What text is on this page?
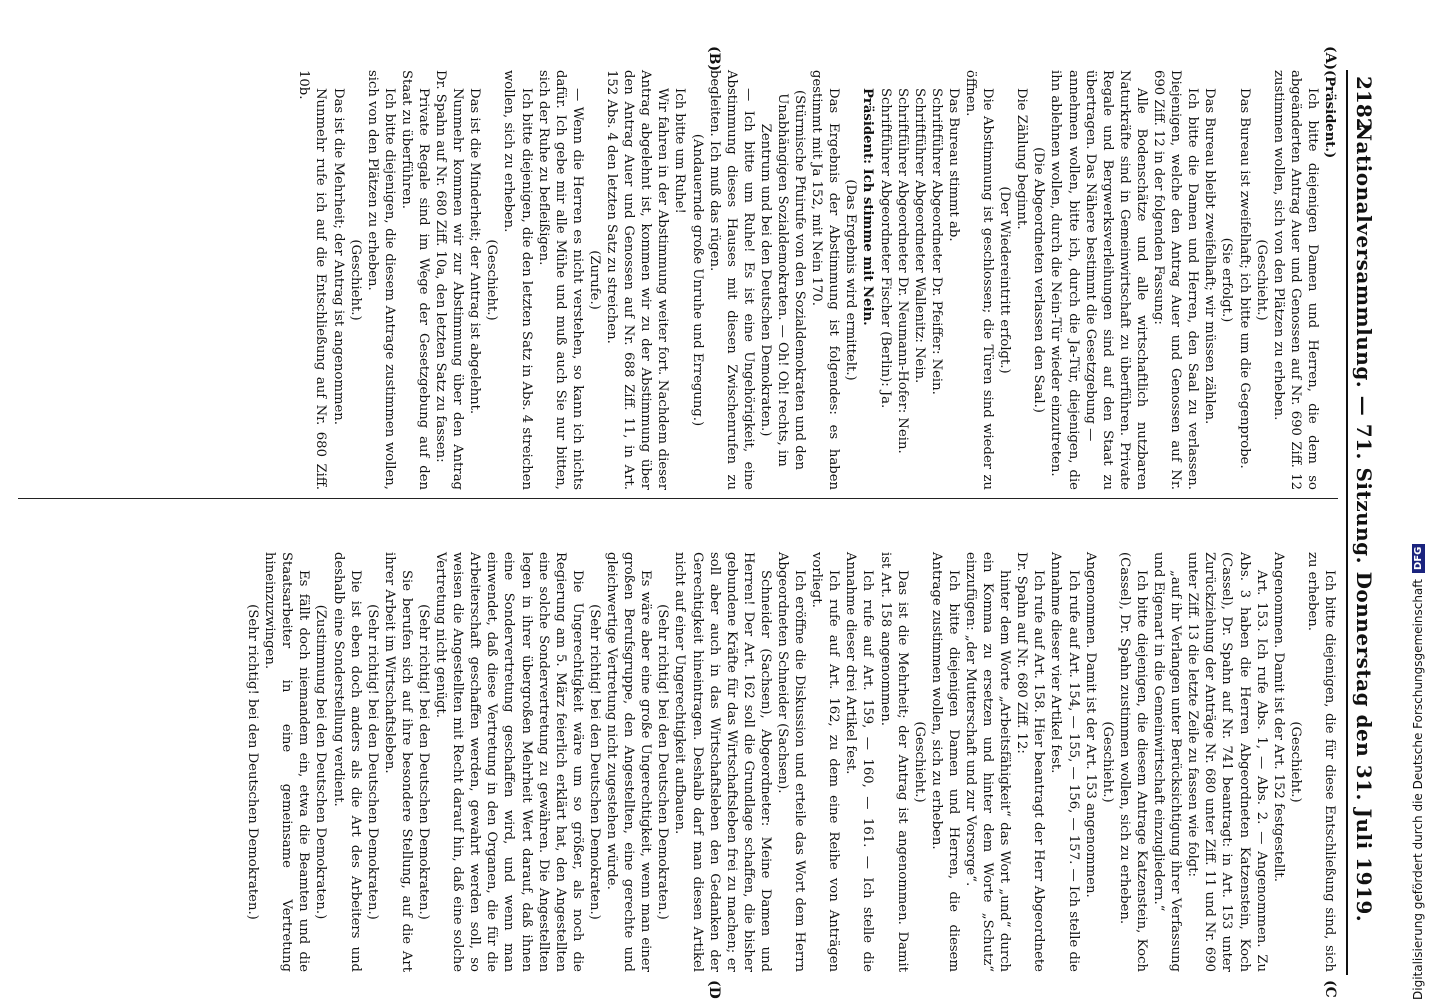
2182
Nationalversammlung. — 71. Sitzung. Donnerstag den 31. Juli 1919.
(A)
(B)
(C
(D

(Präsident.)

Ich bitte diejenigen Damen und Herren, die dem so abgeänderten Antrag Auer und Genossen auf Nr. 690 Ziff. 12 zustimmen wollen, sich von den Plätzen zu erheben.

(Geschieht.)

Das Bureau ist zweifelhaft; ich bitte um die Gegenprobe.

(Sie erfolgt.)

Das Bureau bleibt zweifelhaft; wir müssen zählen.

Ich bitte die Damen und Herren, den Saal zu verlassen. Diejenigen, welche den Antrag Auer und Genossen auf Nr. 690 Ziff. 12 in der folgenden Fassung:

Alle Bodenschätze und alle wirtschaftlich nutzbaren Naturkräfte sind in Gemeinwirtschaft zu überführen. Private Regale und Bergwerksverleihungen sind auf den Staat zu übertragen. Das Nähere bestimmt die Gesetzgebung —

annehmen wollen, bitte ich, durch die Ja-Tür, diejenigen, die ihn ablehnen wollen, durch die Nein-Tür wieder einzutreten.

(Die Abgeordneten verlassen den Saal.)

Die Zählung beginnt.

(Der Wiedereintritt erfolgt.)

Die Abstimmung ist geschlossen; die Türen sind wieder zu öffnen.

Das Bureau stimmt ab.

Schriftführer Abgeordneter Dr. Pfeiffer: Nein.

Schriftführer Abgeordneter Wallenitz: Nein.

Schriftführer Abgeordneter Dr. Neumann-Hofer: Nein.

Schriftführer Abgeordneter Fischer (Berlin): Ja.

Präsident: Ich stimme mit Nein.

(Das Ergebnis wird ermittelt.)

Das Ergebnis der Abstimmung ist folgendes: es haben gestimmt mit Ja 152, mit Nein 170.

(Stürmische Pfuirufe von den Sozialdemokraten und den Unabhängigen Sozialdemokraten. — Oh! Oh! rechts, im Zentrum und bei den Deutschen Demokraten.)

— Ich bitte um Ruhe! Es ist eine Ungehörigkeit, eine Abstimmung dieses Hauses mit diesen Zwischenrufen zu begleiten. Ich muß das rügen.

(Andauernde große Unruhe und Erregung.)

Ich bitte um Ruhe!

Wir fahren in der Abstimmung weiter fort. Nachdem dieser Antrag abgelehnt ist, kommen wir zu der Abstimmung über den Antrag Auer und Genossen auf Nr. 688 Ziff. 11, in Art. 152 Abs. 4 den letzten Satz zu streichen.

(Zurufe.)

— Wenn die Herren es nicht verstehen, so kann ich nichts dafür. Ich gebe mir alle Mühe und muß auch Sie nur bitten, sich der Ruhe zu befleißigen.

Ich bitte diejenigen, die den letzten Satz in Abs. 4 streichen wollen, sich zu erheben.

(Geschieht.)

Das ist die Minderheit; der Antrag ist abgelehnt.

Nunmehr kommen wir zur Abstimmung über den Antrag Dr. Spahn auf Nr. 680 Ziff. 10a, den letzten Satz zu fassen:

Private Regale sind im Wege der Gesetzgebung auf den Staat zu überführen.

Ich bitte diejenigen, die diesem Antrage zustimmen wollen, sich von den Plätzen zu erheben.

(Geschieht.)

Das ist die Mehrheit; der Antrag ist angenommen.

Nunmehr rufe ich auf die Entschließung auf Nr. 680 Ziff. 10b.

Ich bitte diejenigen, die für diese Entschließung sind, sich zu erheben.

(Geschieht.)

Angenommen. Damit ist der Art. 152 festgestellt.

Art. 153. Ich rufe Abs. 1, — Abs. 2. — Angenommen. Zu Abs. 3 haben die Herren Abgeordneten Katzenstein, Koch (Cassel), Dr. Spahn auf Nr. 741 beantragt: in Art. 153 unter Zurückziehung der Anträge Nr. 680 unter Ziff. 11 und Nr. 690 unter Ziff. 13 die letzte Zeile zu fassen wie folgt:

„auf ihr Verlangen unter Berücksichtigung ihrer Verfassung und Eigenart in die Gemeinwirtschaft einzugliedern.“

Ich bitte diejenigen, die diesem Antrage Katzenstein, Koch (Cassel), Dr. Spahn zustimmen wollen, sich zu erheben.

(Geschieht.)

Angenommen. Damit ist der Art. 153 angenommen.

Ich rufe auf Art. 154, — 155, — 156, — 157. — Ich stelle die Annahme dieser vier Artikel fest.

Ich rufe auf Art. 158. Hier beantragt der Herr Abgeordnete Dr. Spahn auf Nr. 680 Ziff. 12:

hinter dem Worte „Arbeitsfähigkeit“ das Wort „und“ durch ein Komma zu ersetzen und hinter dem Worte „Schutz“ einzufügen: „der Mutterschaft und zur Vorsorge“.

Ich bitte diejenigen Damen und Herren, die diesem Antrage zustimmen wollen, sich zu erheben.

(Geschieht.)

Das ist die Mehrheit; der Antrag ist angenommen. Damit ist Art. 158 angenommen.

Ich rufe auf Art. 159, — 160, — 161. — Ich stelle die Annahme dieser drei Artikel fest.

Ich rufe auf Art. 162, zu dem eine Reihe von Anträgen vorliegt.

Ich eröffne die Diskussion und erteile das Wort dem Herrn Abgeordneten Schneider (Sachsen).

Schneider (Sachsen), Abgeordneter: Meine Damen und Herren! Der Art. 162 soll die Grundlage schaffen, die bisher gebundene Kräfte für das Wirtschaftsleben frei zu machen; er soll aber auch in das Wirtschaftsleben den Gedanken der Gerechtigkeit hineintragen. Deshalb darf man diesen Artikel nicht auf einer Ungerechtigkeit aufbauen.

(Sehr richtig! bei den Deutschen Demokraten.)

Es wäre aber eine große Ungerechtigkeit, wenn man einer großen Berufsgruppe, den Angestellten, eine gerechte und gleichwertige Vertretung nicht zugestehen würde.

(Sehr richtig! bei den Deutschen Demokraten.)

Die Ungerechtigkeit wäre um so größer, als noch die Regierung am 5. März feierlich erklärt hat, den Angestellten eine solche Sondervertretung zu gewähren. Die Angestellten legen in ihrer übergroßen Mehrheit Wert darauf, daß ihnen eine Sondervertretung geschaffen wird, und wenn man einwendet, daß diese Vertretung in den Organen, die für die Arbeiterschaft geschaffen werden, gewahrt werden soll, so weisen die Angestellten mit Recht darauf hin, daß eine solche Vertretung nicht genügt.

(Sehr richtig! bei den Deutschen Demokraten.)

Sie berufen sich auf ihre besondere Stellung, auf die Art ihrer Arbeit im Wirtschaftsleben.

(Sehr richtig! bei den Deutschen Demokraten.)

Die ist eben doch anders als die Art des Arbeiters und deshalb eine Sonderstellung verdient.

(Zustimmung bei den Deutschen Demokraten.)

Es fällt doch niemandem ein, etwa die Beamten und die Staatsarbeiter in eine gemeinsame Vertretung hineinzuzwingen.

(Sehr richtig! bei den Deutschen Demokraten.)	Digitalisierung gefördert durch die Deutsche Forschungsgemeinschaft
DFG
